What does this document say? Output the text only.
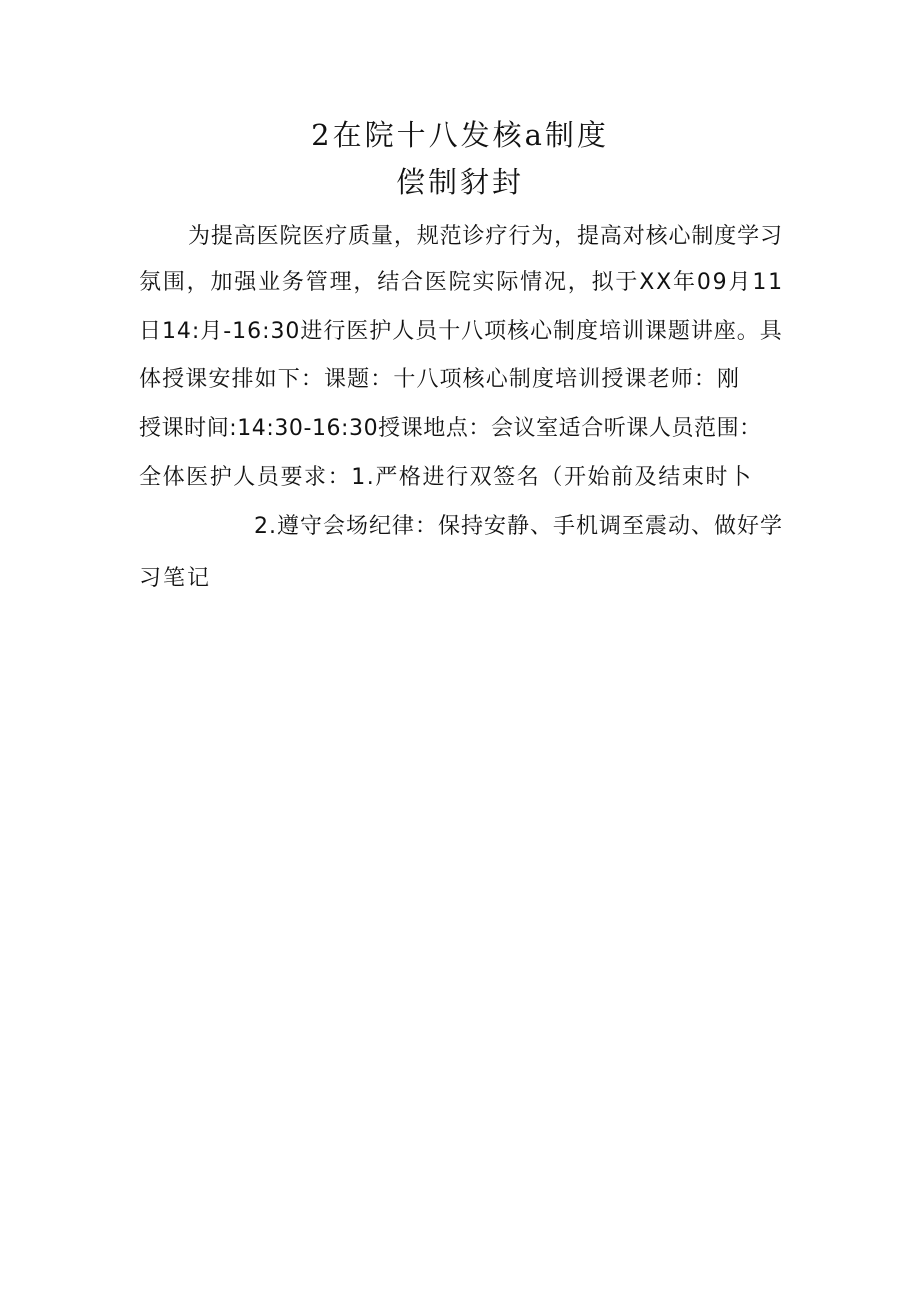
2在院十八发核a制度
偿制豺封
为提高医院医疗质量，规范诊疗行为，提高对核心制度学习
氛围，加强业务管理，结合医院实际情况，拟于XX年09月11
日14:月-16:30进行医护人员十八项核心制度培训课题讲座。具
体授课安排如下：课题：十八项核心制度培训授课老师：刚
授课时间:14:30-16:30授课地点：会议室适合听课人员范围：
全体医护人员要求：1.严格进行双签名（开始前及结束时卜
2.遵守会场纪律：保持安静、手机调至震动、做好学
习笔记
